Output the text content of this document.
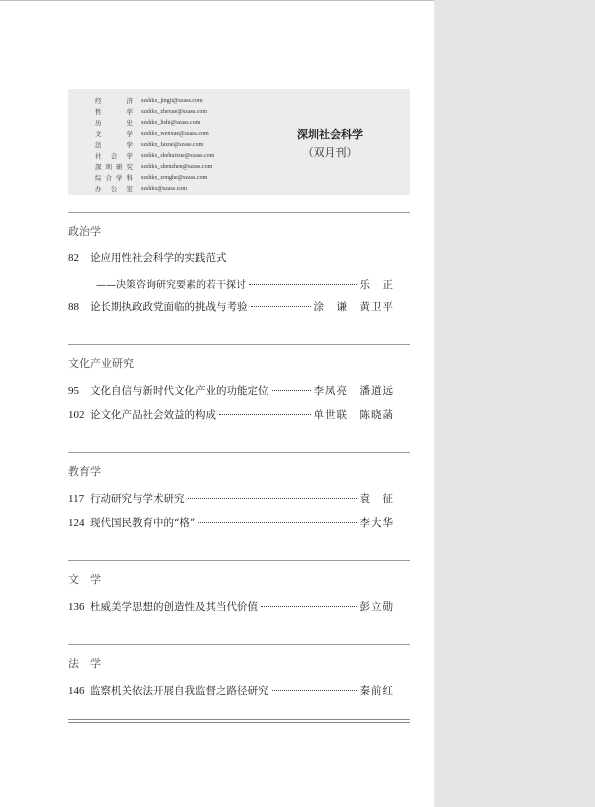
经　济 szshkx_jingji@szass.com
哲　学 szshkx_zhexue@szass.com
历　史 szshkx_lishi@szass.com
文　学 szshkx_wenxue@szass.com
法　学 szshkx_faxue@szass.com
社会学 szshkx_shehuixue@szass.com
深圳研究 szshkx_shenzhen@szass.com
综合学科 szshkx_zonghe@szass.com
办公室 szshkx@szass.com
深圳社会科学
（双月刊）
政治学
82	论应用性社会科学的实践范式
——决策咨询研究要素的若干探讨	乐　正
88	论长期执政政党面临的挑战与考验	涂　谦　黄卫平
文化产业研究
95	文化自信与新时代文化产业的功能定位	李凤亮　潘道远
102 论文化产品社会效益的构成	单世联　陈晓菡
教育学
117 行动研究与学术研究	袁　征
124 现代国民教育中的“格”	李大华
文　学
136 杜威美学思想的创造性及其当代价值	彭立勋
法　学
146 监察机关依法开展自我监督之路径研究	秦前红
